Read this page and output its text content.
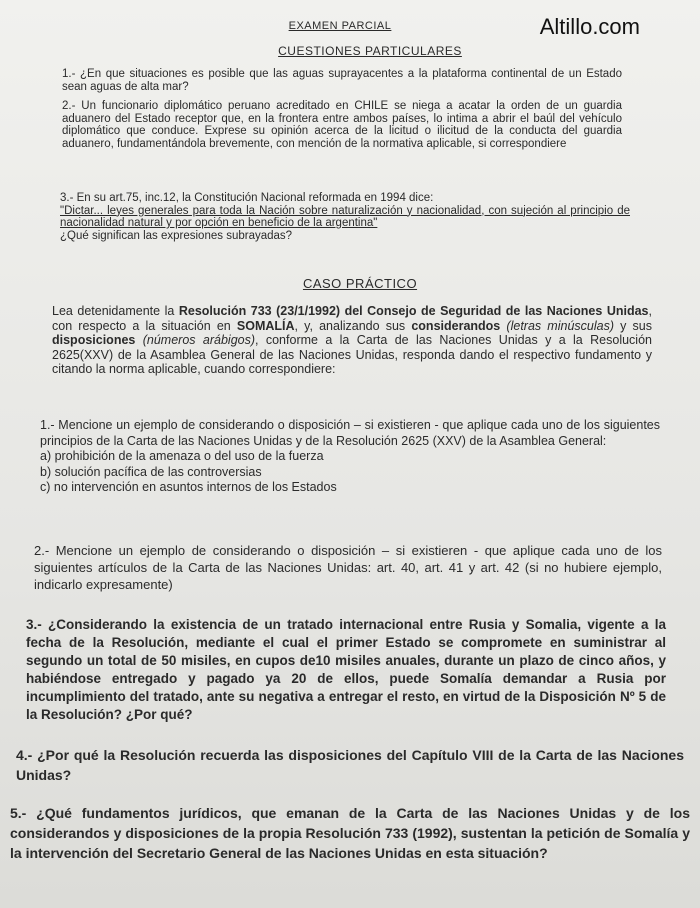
Altillo.com
EXAMEN PARCIAL
CUESTIONES PARTICULARES
1.- ¿En que situaciones es posible que las aguas suprayacentes a la plataforma continental de un Estado sean aguas de alta mar?
2.- Un funcionario diplomático peruano acreditado en CHILE se niega a acatar la orden de un guardia aduanero del Estado receptor que, en la frontera entre ambos países, lo intima a abrir el baúl del vehículo diplomático que conduce. Exprese su opinión acerca de la licitud o ilicitud de la conducta del guardia aduanero, fundamentándola brevemente, con mención de la normativa aplicable, si correspondiere
3.- En su art.75, inc.12, la Constitución Nacional reformada en 1994 dice:
"Dictar... leyes generales para toda la Nación sobre naturalización y nacionalidad, con sujeción al principio de nacionalidad natural y por opción en beneficio de la argentina"
¿Qué significan las expresiones subrayadas?
CASO PRÁCTICO
Lea detenidamente la Resolución 733 (23/1/1992) del Consejo de Seguridad de las Naciones Unidas, con respecto a la situación en SOMALÍA, y, analizando sus considerandos (letras minúsculas) y sus disposiciones (números arábigos), conforme a la Carta de las Naciones Unidas y a la Resolución 2625(XXV) de la Asamblea General de las Naciones Unidas, responda dando el respectivo fundamento y citando la norma aplicable, cuando correspondiere:
1.- Mencione un ejemplo de considerando o disposición – si existieren - que aplique cada uno de los siguientes principios de la Carta de las Naciones Unidas y de la Resolución 2625 (XXV) de la Asamblea General:
a) prohibición de la amenaza o del uso de la fuerza
b) solución pacífica de las controversias
c) no intervención en asuntos internos de los Estados
2.- Mencione un ejemplo de considerando o disposición – si existieren - que aplique cada uno de los siguientes artículos de la Carta de las Naciones Unidas: art. 40, art. 41 y art. 42 (si no hubiere ejemplo, indicarlo expresamente)
3.- ¿Considerando la existencia de un tratado internacional entre Rusia y Somalia, vigente a la fecha de la Resolución, mediante el cual el primer Estado se compromete en suministrar al segundo un total de 50 misiles, en cupos de10 misiles anuales, durante un plazo de cinco años, y habiéndose entregado y pagado ya 20 de ellos, puede Somalía demandar a Rusia por incumplimiento del tratado, ante su negativa a entregar el resto, en virtud de la Disposición Nº 5 de la Resolución? ¿Por qué?
4.- ¿Por qué la Resolución recuerda las disposiciones del Capítulo VIII de la Carta de las Naciones Unidas?
5.- ¿Qué fundamentos jurídicos, que emanan de la Carta de las Naciones Unidas y de los considerandos y disposiciones de la propia Resolución 733 (1992), sustentan la petición de Somalía y la intervención del Secretario General de las Naciones Unidas en esta situación?
